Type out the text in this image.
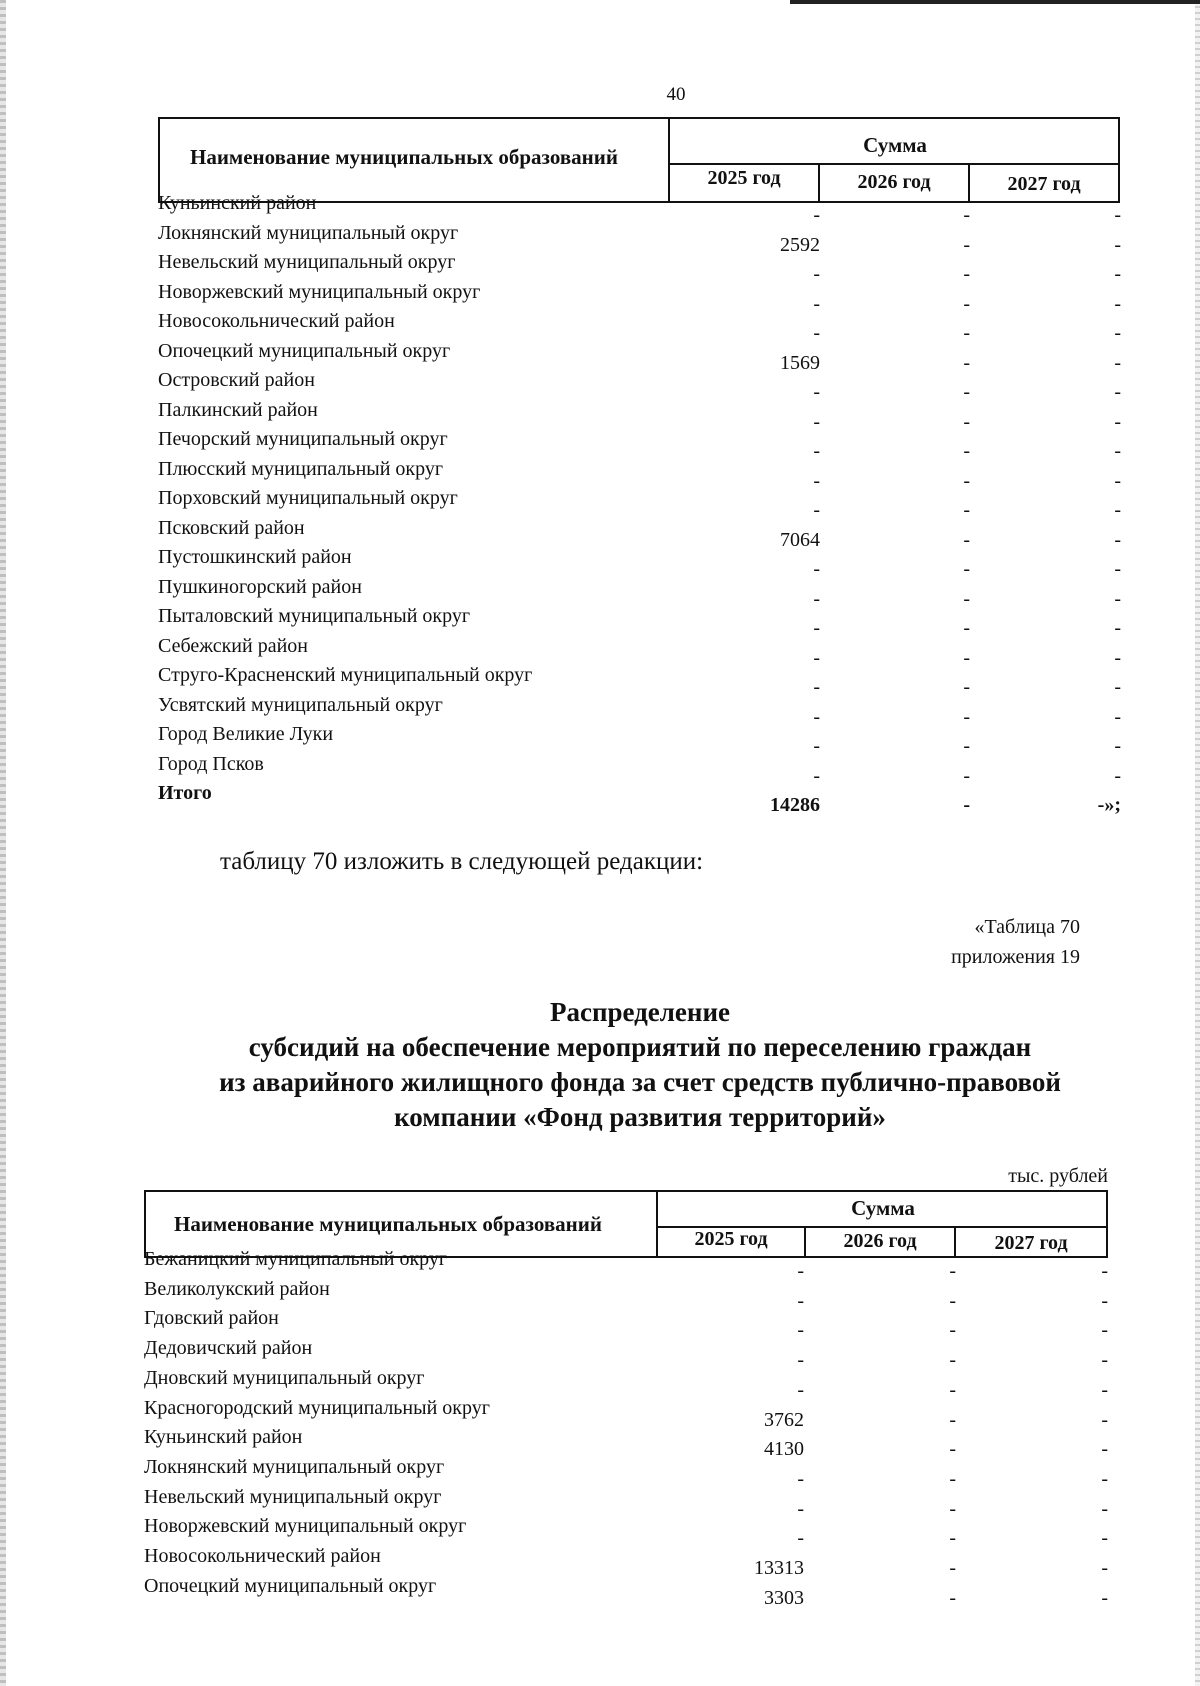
40
Наименование муниципальных образований	Сумма
2025 год	2026 год	2027 год
Куньинский район
-	-	-
Локнянский муниципальный округ
2592	-	-
Невельский муниципальный округ
-	-	-
Новоржевский муниципальный округ
-	-	-
Новосокольнический район
-	-	-
Опочецкий муниципальный округ
1569	-	-
Островский район
-	-	-
Палкинский район
-	-	-
Печорский муниципальный округ
-	-	-
Плюсский муниципальный округ
-	-	-
Порховский муниципальный округ
-	-	-
Псковский район
7064	-	-
Пустошкинский район
-	-	-
Пушкиногорский район
-	-	-
Пыталовский муниципальный округ
-	-	-
Себежский район
-	-	-
Струго-Красненский муниципальный округ
-	-	-
Усвятский муниципальный округ
-	-	-
Город Великие Луки
-	-	-
Город Псков
-	-	-
Итого
14286	-	-»;
таблицу 70 изложить в следующей редакции:
«Таблица 70
приложения 19
Распределение
субсидий на обеспечение мероприятий по переселению граждан
из аварийного жилищного фонда за счет средств публично-правовой
компании «Фонд развития территорий»
тыс. рублей
Наименование муниципальных образований
Сумма
2025 год	2026 год	2027 год
Бежаницкий муниципальный округ
-	-	-
Великолукский район
-	-	-
Гдовский район
-	-	-
Дедовичский район
-	-	-
Дновский муниципальный округ
-	-	-
Красногородский муниципальный округ
3762	-	-
Куньинский район
4130	-	-
Локнянский муниципальный округ
-	-	-
Невельский муниципальный округ
-	-	-
Новоржевский муниципальный округ
-	-	-
Новосокольнический район
13313	-	-
Опочецкий муниципальный округ
3303	-	-
